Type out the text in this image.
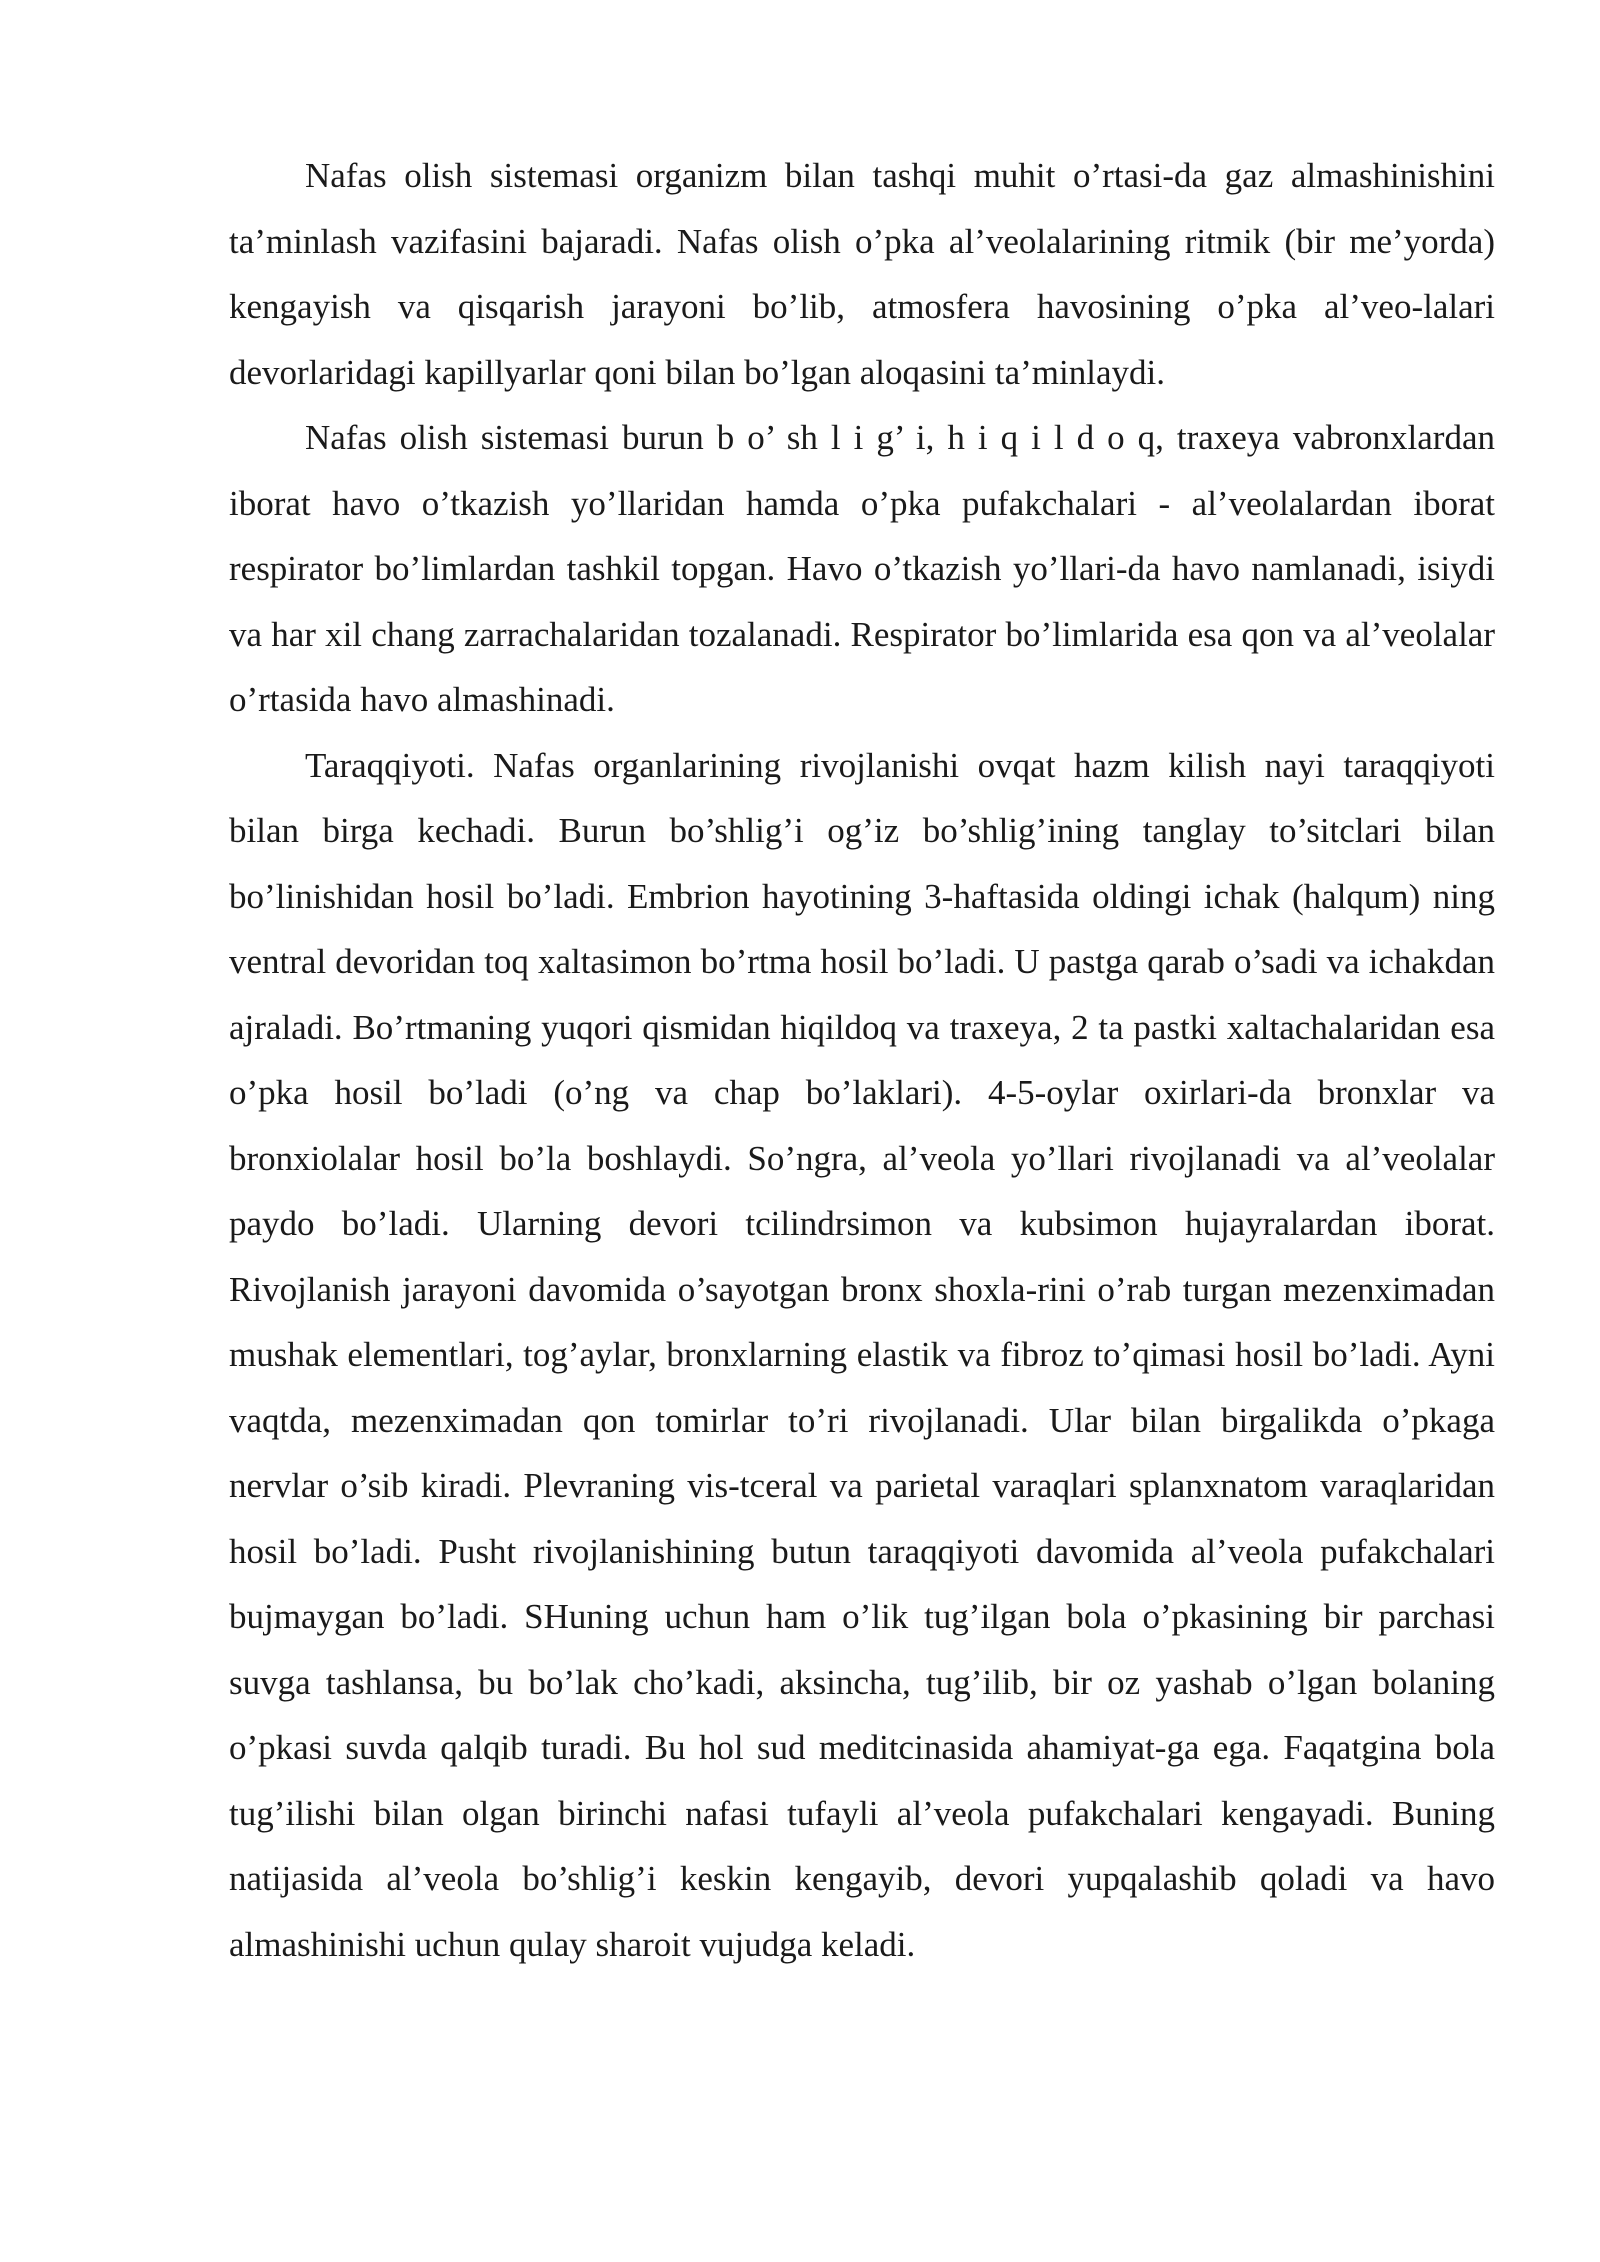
Nafas olish sistemasi organizm bilan tashqi muhit o’rtasi-da gaz almashinishini ta’minlash vazifasini bajaradi. Nafas olish o’pka al’veolalarining ritmik (bir me’yorda) kengayish va qisqarish jarayoni bo’lib, atmosfera havosining o’pka al’veo-lalari devorlaridagi kapillyarlar qoni bilan bo’lgan aloqasini ta’minlaydi.

Nafas olish sistemasi burun b o’ sh l i g’ i, h i q i l d o q, traxeya vabronxlardan iborat havo o’tkazish yo’llaridan hamda o’pka pufakchalari - al’veolalardan iborat respirator bo’limlardan tashkil topgan. Havo o’tkazish yo’llari-da havo namlanadi, isiydi va har xil chang zarrachalaridan tozalanadi. Respirator bo’limlarida esa qon va al’veolalar o’rtasida havo almashinadi.

Taraqqiyoti. Nafas organlarining rivojlanishi ovqat hazm kilish nayi taraqqiyoti bilan birga kechadi. Burun bo’shlig’i og’iz bo’shlig’ining tanglay to’sitclari bilan bo’linishidan hosil bo’ladi. Embrion hayotining 3-haftasida oldingi ichak (halqum) ning ventral devoridan toq xaltasimon bo’rtma hosil bo’ladi. U pastga qarab o’sadi va ichakdan ajraladi. Bo’rtmaning yuqori qismidan hiqildoq va traxeya, 2 ta pastki xaltachalaridan esa o’pka hosil bo’ladi (o’ng va chap bo’laklari). 4-5-oylar oxirlari-da bronxlar va bronxiolalar hosil bo’la boshlaydi. So’ngra, al’veola yo’llari rivojlanadi va al’veolalar paydo bo’ladi. Ularning devori tcilindrsimon va kubsimon hujayralardan iborat. Rivojlanish jarayoni davomida o’sayotgan bronx shoxla-rini o’rab turgan mezenximadan mushak elementlari, tog’aylar, bronxlarning elastik va fibroz to’qimasi hosil bo’ladi. Ayni vaqtda, mezenximadan qon tomirlar to’ri rivojlanadi. Ular bilan birgalikda o’pkaga nervlar o’sib kiradi. Plevraning vis-tceral va parietal varaqlari splanxnatom varaqlaridan hosil bo’ladi. Pusht rivojlanishining butun taraqqiyoti davomida al’veola pufakchalari bujmaygan bo’ladi. SHuning uchun ham o’lik tug’ilgan bola o’pkasining bir parchasi suvga tashlansa, bu bo’lak cho’kadi, aksincha, tug’ilib, bir oz yashab o’lgan bolaning o’pkasi suvda qalqib turadi. Bu hol sud meditcinasida ahamiyat-ga ega. Faqatgina bola tug’ilishi bilan olgan birinchi nafasi tufayli al’veola pufakchalari kengayadi. Buning natijasida al’veola bo’shlig’i keskin kengayib, devori yupqalashib qoladi va havo almashinishi uchun qulay sharoit vujudga keladi.
